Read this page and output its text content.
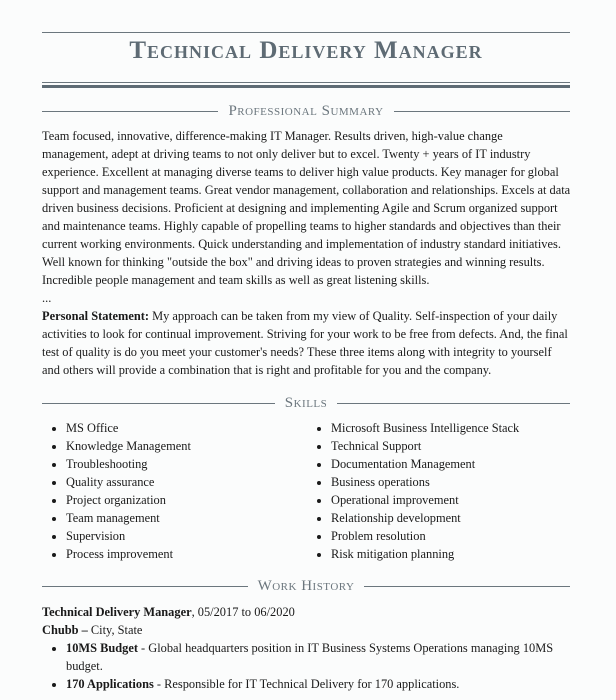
Technical Delivery Manager
Professional Summary

Team focused, innovative, difference-making IT Manager. Results driven, high-value change management, adept at driving teams to not only deliver but to excel. Twenty + years of IT industry experience. Excellent at managing diverse teams to deliver high value products. Key manager for global support and management teams. Great vendor management, collaboration and relationships. Excels at data driven business decisions. Proficient at designing and implementing Agile and Scrum organized support and maintenance teams. Highly capable of propelling teams to higher standards and objectives than their current working environments. Quick understanding and implementation of industry standard initiatives. Well known for thinking "outside the box" and driving ideas to proven strategies and winning results. Incredible people management and team skills as well as great listening skills.

...

Personal Statement: My approach can be taken from my view of Quality. Self-inspection of your daily activities to look for continual improvement. Striving for your work to be free from defects. And, the final test of quality is do you meet your customer's needs? These three items along with integrity to yourself and others will provide a combination that is right and profitable for you and the company.

Skills
• MS Office
• Knowledge Management
• Troubleshooting
• Quality assurance
• Project organization
• Team management
• Supervision
• Process improvement
• Microsoft Business Intelligence Stack
• Technical Support
• Documentation Management
• Business operations
• Operational improvement
• Relationship development
• Problem resolution
• Risk mitigation planning
Work History

Technical Delivery Manager, 05/2017 to 06/2020

Chubb – City, State

• 10MS Budget - Global headquarters position in IT Business Systems Operations managing 10MS budget.
• 170 Applications - Responsible for IT Technical Delivery for 170 applications.
